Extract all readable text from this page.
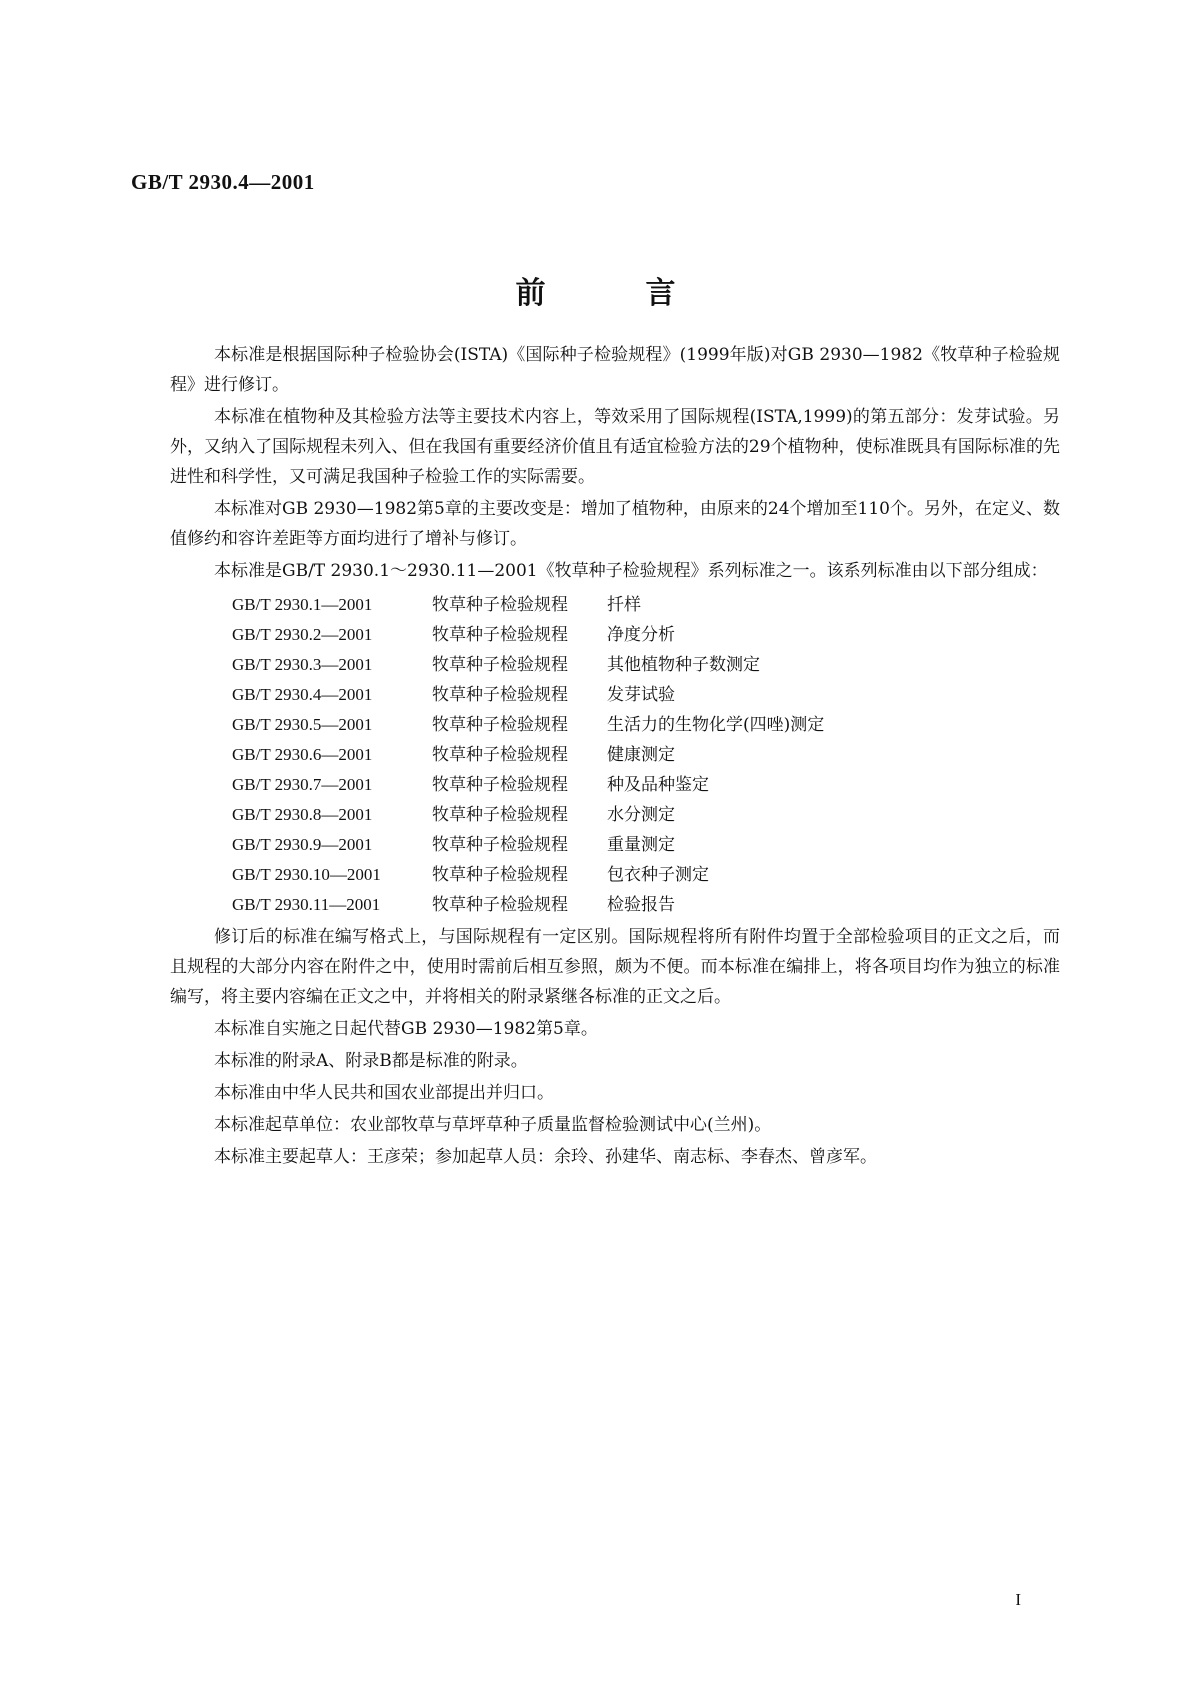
GB/T 2930.4—2001
前言

本标准是根据国际种子检验协会(ISTA)《国际种子检验规程》(1999年版)对GB 2930—1982《牧草种子检验规程》进行修订。

本标准在植物种及其检验方法等主要技术内容上，等效采用了国际规程(ISTA,1999)的第五部分：发芽试验。另外，又纳入了国际规程未列入、但在我国有重要经济价值且有适宜检验方法的29个植物种，使标准既具有国际标准的先进性和科学性，又可满足我国种子检验工作的实际需要。

本标准对GB 2930—1982第5章的主要改变是：增加了植物种，由原来的24个增加至110个。另外，在定义、数值修约和容许差距等方面均进行了增补与修订。

本标准是GB/T 2930.1～2930.11—2001《牧草种子检验规程》系列标准之一。该系列标准由以下部分组成：

GB/T 2930.1—2001	牧草种子检验规程	扦样
GB/T 2930.2—2001	牧草种子检验规程	净度分析
GB/T 2930.3—2001	牧草种子检验规程	其他植物种子数测定
GB/T 2930.4—2001	牧草种子检验规程	发芽试验
GB/T 2930.5—2001	牧草种子检验规程	生活力的生物化学(四唑)测定
GB/T 2930.6—2001	牧草种子检验规程	健康测定
GB/T 2930.7—2001	牧草种子检验规程	种及品种鉴定
GB/T 2930.8—2001	牧草种子检验规程	水分测定
GB/T 2930.9—2001	牧草种子检验规程	重量测定
GB/T 2930.10—2001	牧草种子检验规程	包衣种子测定
GB/T 2930.11—2001	牧草种子检验规程	检验报告

修订后的标准在编写格式上，与国际规程有一定区别。国际规程将所有附件均置于全部检验项目的正文之后，而且规程的大部分内容在附件之中，使用时需前后相互参照，颇为不便。而本标准在编排上，将各项目均作为独立的标准编写，将主要内容编在正文之中，并将相关的附录紧继各标准的正文之后。

本标准自实施之日起代替GB 2930—1982第5章。

本标准的附录A、附录B都是标准的附录。

本标准由中华人民共和国农业部提出并归口。

本标准起草单位：农业部牧草与草坪草种子质量监督检验测试中心(兰州)。

本标准主要起草人：王彦荣；参加起草人员：余玲、孙建华、南志标、李春杰、曾彦军。

I
